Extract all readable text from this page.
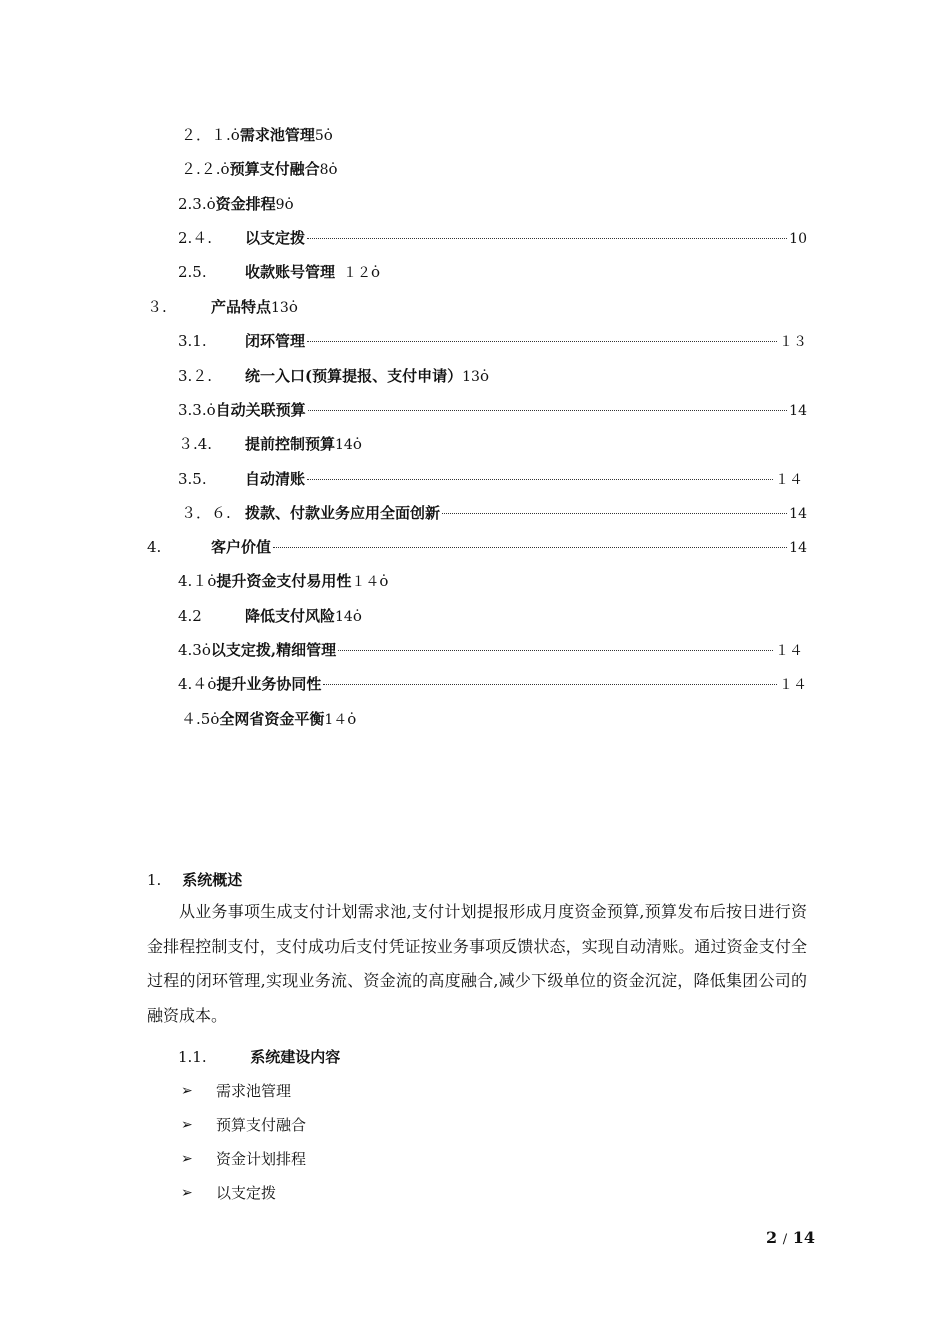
２．１. ȯ 需求池管理 5 ȯ
２.２. ȯ 预算支付融合 8 ȯ
2.3. ȯ 资金排程 9 ȯ
2.４.	以支定拨	10
2.5.	收款账号管理 １２ ȯ
３.	产品特点 13 ȯ
3.1.	闭环管理	１３
3.２.	统一入口(预算提报、支付申请） 13 ȯ
3.3. ȯ 自动关联预算	14
３.4.	提前控制预算 14 ȯ
3.5.	自动清账	１４
３．６. 拨款、付款业务应用全面创新	14
4.	客户价值	14
4.１ ȯ 提升资金支付易用性 １４ ȯ
4.2	降低支付风险 14 ȯ
4.3 ȯ 以支定拨,精细管理	１４
4.４ ȯ 提升业务协同性	１４
４.5 ȯ 全网省资金平衡 1４ ȯ
1. 系统概述
从业务事项生成支付计划需求池,支付计划提报形成月度资金预算,预算发布后按日进行资金排程控制支付，支付成功后支付凭证按业务事项反馈状态，实现自动清账。通过资金支付全过程的闭环管理,实现业务流、资金流的高度融合,减少下级单位的资金沉淀，降低集团公司的融资成本。
1.1.	系统建设内容
➢	需求池管理
➢	预算支付融合
➢	资金计划排程
➢	以支定拨
2 / 14
